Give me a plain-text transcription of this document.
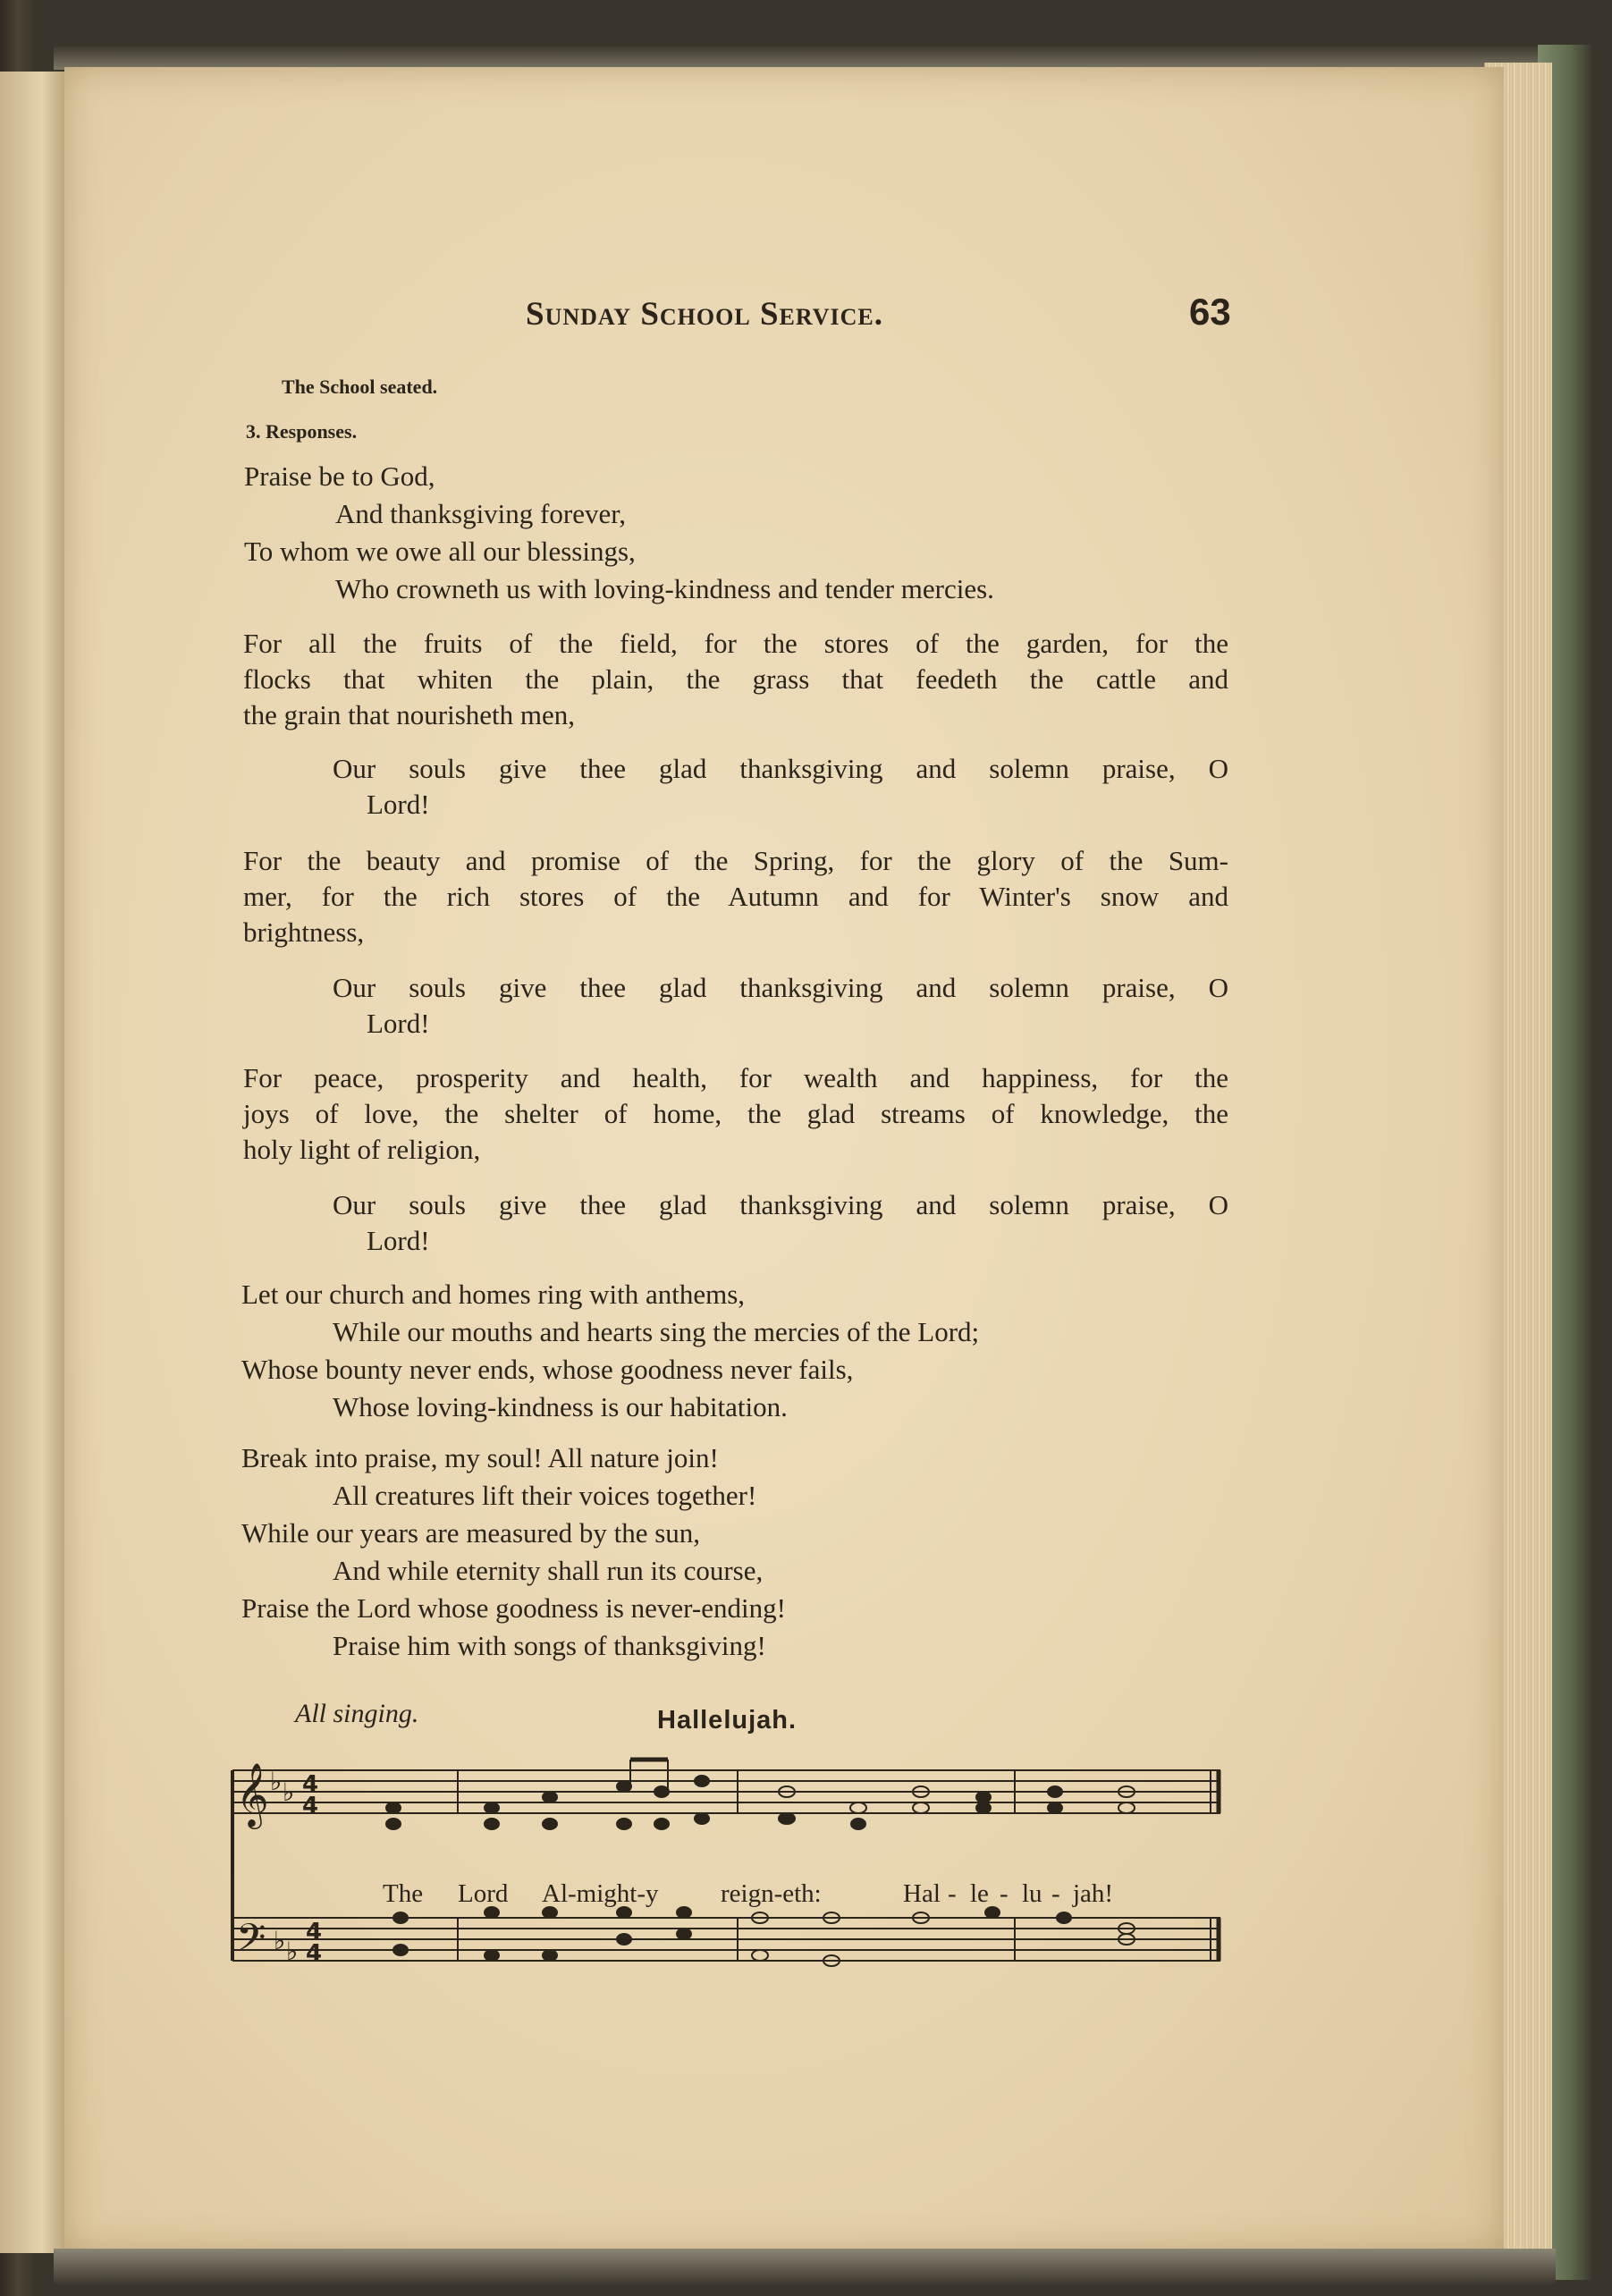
Sunday School Service.	63
The School seated.
3. Responses.
Praise be to God,
And thanksgiving forever,
To whom we owe all our blessings,
Who crowneth us with loving-kindness and tender mercies.
For all the fruits of the field, for the stores of the garden, for the
flocks that whiten the plain, the grass that feedeth the cattle and
the grain that nourisheth men,
Our souls give thee glad thanksgiving and solemn praise, O
Lord!
For the beauty and promise of the Spring, for the glory of the Sum-
mer, for the rich stores of the Autumn and for Winter's snow and
brightness,
Our souls give thee glad thanksgiving and solemn praise, O
Lord!
For peace, prosperity and health, for wealth and happiness, for the
joys of love, the shelter of home, the glad streams of knowledge, the
holy light of religion,
Our souls give thee glad thanksgiving and solemn praise, O
Lord!
Let our church and homes ring with anthems,
While our mouths and hearts sing the mercies of the Lord;
Whose bounty never ends, whose goodness never fails,
Whose loving-kindness is our habitation.
Break into praise, my soul! All nature join!
All creatures lift their voices together!
While our years are measured by the sun,
And while eternity shall run its course,
Praise the Lord whose goodness is never-ending!
Praise him with songs of thanksgiving!
All singing.	Hallelujah.
𝄞
𝄢
♭ ♭
♭ ♭
4
4
4
4
The Lord Al-might-y reign-eth:	Hal - le - lu - jah!
